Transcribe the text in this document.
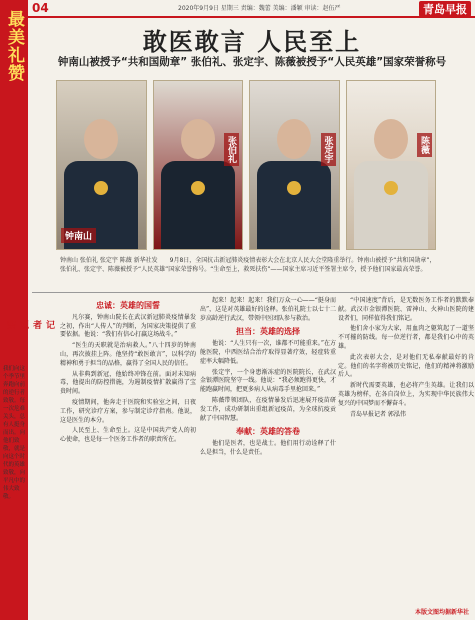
最美礼赞
04	2020年9月9日 星期三 责编：魏蕾 美编：潘颖 审读：赵伍严	青岛早报
敢医敢言 人民至上
钟南山被授予“共和国勋章” 张伯礼、张定宇、陈薇被授予“人民英雄”国家荣誉称号
钟南山
张伯礼	张定宇	陈薇
钟南山 张伯礼 张定宇 陈薇 新华社发　　9月8日，全国抗击新冠肺炎疫情表彰大会在北京人民大会堂隆重举行。钟南山被授予“共和国勋章”，张伯礼、张定宇、陈薇被授予“人民英雄”国家荣誉称号。“生命至上，救死扶伤”——国家主席习近平签署主席令，授予他们国家最高荣誉。
记者观察

我们向这个季节里奔跑向前的逆行者致敬。每一次危难关头，总有人挺身而出。向他们致敬，就是向这个时代的英雄致敬，向平凡中的伟大致敬。

忠诚：英雄的国誓

凡尔赛，钟南山院长在武汉新冠肺炎疫情暴发之初，作出“人传人”的判断，为国家决策提供了重要依据。他说：“我们有信心打赢这场战斗。”

“医生的天职就是治病救人。”八十四岁的钟南山，再次披挂上阵。他坚持“敢医敢言”，以科学的精神和勇于担当的品格，赢得了全国人民的信任。

从非典到新冠，他始终冲锋在前。面对未知病毒，他提出的防控措施，为遏制疫情扩散赢得了宝贵时间。

疫情期间，他奔走于医院和实验室之间，日夜工作，研究诊疗方案，参与制定诊疗指南。他说，这是医生的本分。

人民至上、生命至上。这是中国共产党人的初心使命，也是每一个医务工作者的职责所在。

起来！起来！起来！我们万众一心——“挺身而出”，这是对英雄最好的诠释。张伯礼院士以七十二岁高龄逆行武汉，带领中医团队参与救治。

担当：英雄的选择

他说：“人生只有一次，谁都不可能重来。”在方舱医院，中西医结合治疗取得显著疗效，轻症转重症率大幅降低。

张定宇，一个身患渐冻症的医院院长，在武汉金银潭医院坚守一线。他说：“我必须跑得更快，才能跑赢时间，把更多病人从病毒手里抢回来。”

陈薇带领团队，在疫情暴发后迅速展开疫苗研发工作，成功研制出重组新冠疫苗，为全球抗疫贡献了中国智慧。

奉献：英雄的答卷

他们是医者，也是战士。他们用行动诠释了什么是担当，什么是责任。

“中国速度”背后，是无数医务工作者的默默奉献。武汉市金银潭医院、雷神山、火神山医院的建设者们，同样值得我们铭记。

他们舍小家为大家，用血肉之躯筑起了一道坚不可摧的防线。每一位逆行者，都是我们心中的英雄。

此次表彰大会，是对他们无私奉献最好的肯定。他们的名字将被历史铭记，他们的精神将激励后人。

新时代需要英雄，也必将产生英雄。让我们以英雄为榜样，在各自岗位上，为实现中华民族伟大复兴的中国梦而不懈奋斗。

青岛早报记者 郭泓伟

本版文图均据新华社
